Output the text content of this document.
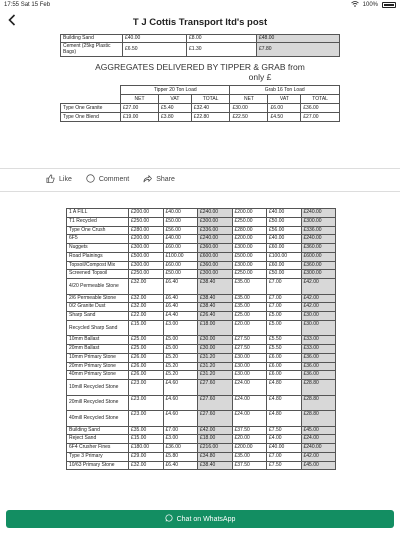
17:55 Sat 15 Feb	100%
T J Cottis Transport ltd's post
Building Sand	£40.00	£8.00	£48.00
Cement (25kg Plastic Bags)	£6.50	£1.30	£7.80
AGGREGATES DELIVERED BY TIPPER & GRAB from
only £
	Tipper 20 Ton Load			Grab 16 Ton Load		
	NET	VAT	TOTAL	NET	VAT	TOTAL
Type One Granite	£27.00	£5.40	£32.40	£30.00	£6.00	£36.00
Type One Blend	£19.00	£3.80	£22.80	£22.50	£4.50	£27.00
Like	Comment	Share
1 A FILL	£200.00	£40.00	£240.00	£200.00	£40.00	£240.00
T1 Recycled	£250.00	£50.00	£300.00	£250.00	£50.00	£300.00
Type One Crush	£280.00	£56.00	£336.00	£280.00	£56.00	£336.00
6F5	£200.00	£40.00	£240.00	£200.00	£40.00	£240.00
Nuggets	£300.00	£60.00	£360.00	£300.00	£60.00	£360.00
Road Plainings	£500.00	£100.00	£600.00	£500.00	£100.00	£600.00
Topsoil/Compost Mix	£300.00	£60.00	£360.00	£300.00	£60.00	£360.00
Screened Topsoil	£250.00	£50.00	£300.00	£250.00	£50.00	£300.00
4/20 Permeable Stone	£32.00	£6.40	£38.40	£35.00	£7.00	£42.00
2/6 Permeable Stone	£32.00	£6.40	£38.40	£35.00	£7.00	£42.00
0/2 Granite Dust	£32.00	£6.40	£38.40	£35.00	£7.00	£42.00
Sharp Sand	£22.00	£4.40	£26.40	£25.00	£5.00	£30.00
Recycled Sharp Sand	£15.00	£3.00	£18.00	£20.00	£5.00	£30.00
10mm Ballast	£25.00	£5.00	£30.00	£27.50	£5.50	£33.00
20mm Ballast	£25.00	£5.00	£30.00	£27.50	£5.50	£33.00
10mm Primary Stone	£26.00	£5.20	£31.20	£30.00	£6.00	£36.00
20mm Primary Stone	£26.00	£5.20	£31.20	£30.00	£6.00	£36.00
40mm Primary Stone	£26.00	£5.20	£31.20	£30.00	£6.00	£36.00
10mill Recycled Stone	£23.00	£4.60	£27.60	£24.00	£4.80	£28.80
20mill Recycled Stone	£23.00	£4.60	£27.60	£24.00	£4.80	£28.80
40mill Recycled Stone	£23.00	£4.60	£27.60	£24.00	£4.80	£28.80
Building Sand	£35.00	£7.00	£42.00	£37.50	£7.50	£45.00
Reject Sand	£15.00	£3.00	£18.00	£20.00	£4.00	£24.00
6F4 Crusher Fines	£180.00	£36.00	£216.00	£200.00	£40.00	£240.00
Type 3 Primary	£29.00	£5.80	£34.80	£35.00	£7.00	£42.00
10/63 Primary Stone	£32.00	£6.40	£38.40	£37.50	£7.50	£45.00
Chat on WhatsApp
